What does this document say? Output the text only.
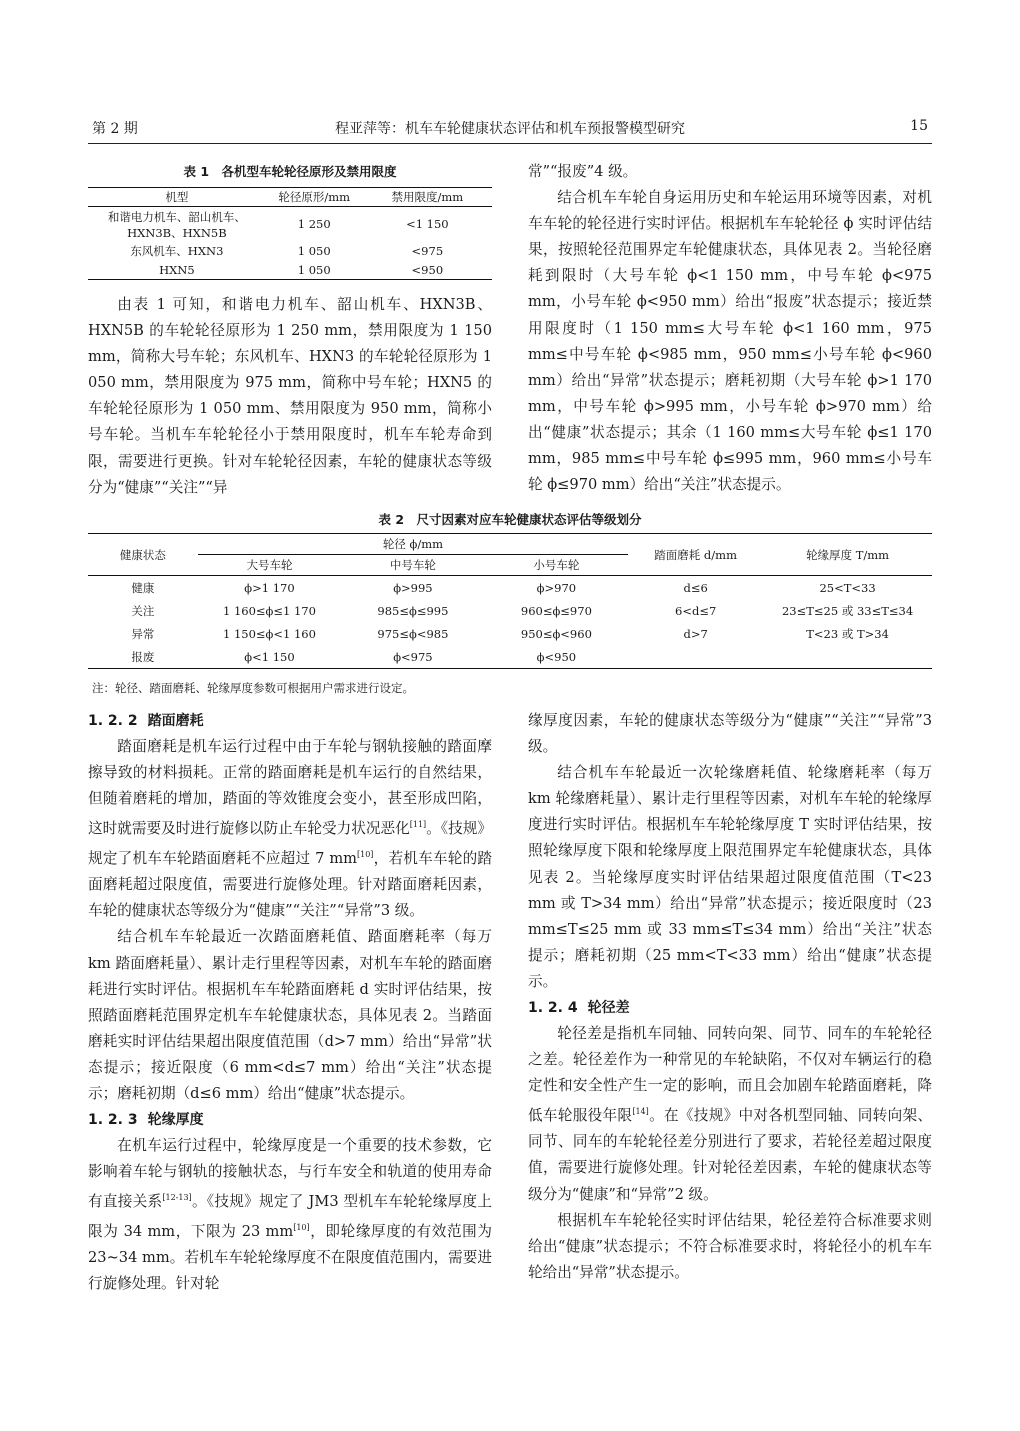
第 2 期	程亚萍等：机车车轮健康状态评估和机车预报警模型研究	15
表 1　各机型车轮轮径原形及禁用限度
机型	轮径原形/mm	禁用限度/mm

和谐电力机车、韶山机车、
HXN3B、HXN5B	1 250	<1 150
东风机车、HXN3	1 050	<975
HXN5	1 050	<950

由表 1 可知，和谐电力机车、韶山机车、HXN3B、HXN5B 的车轮轮径原形为 1 250 mm，禁用限度为 1 150 mm，简称大号车轮；东风机车、HXN3 的车轮轮径原形为 1 050 mm，禁用限度为 975 mm，简称中号车轮；HXN5 的车轮轮径原形为 1 050 mm、禁用限度为 950 mm，简称小号车轮。当机车车轮轮径小于禁用限度时，机车车轮寿命到限，需要进行更换。针对车轮轮径因素，车轮的健康状态等级分为“健康”“关注”“异

常”“报废”4 级。

结合机车车轮自身运用历史和车轮运用环境等因素，对机车车轮的轮径进行实时评估。根据机车车轮轮径 ϕ 实时评估结果，按照轮径范围界定车轮健康状态，具体见表 2。当轮径磨耗到限时（大号车轮 ϕ<1 150 mm，中号车轮 ϕ<975 mm，小号车轮 ϕ<950 mm）给出“报废”状态提示；接近禁用限度时（1 150 mm≤大号车轮 ϕ<1 160 mm，975 mm≤中号车轮 ϕ<985 mm，950 mm≤小号车轮 ϕ<960 mm）给出“异常”状态提示；磨耗初期（大号车轮 ϕ>1 170 mm，中号车轮 ϕ>995 mm，小号车轮 ϕ>970 mm）给出“健康”状态提示；其余（1 160 mm≤大号车轮 ϕ≤1 170 mm，985 mm≤中号车轮 ϕ≤995 mm，960 mm≤小号车轮 ϕ≤970 mm）给出“关注”状态提示。

表 2　尺寸因素对应车轮健康状态评估等级划分
健康状态	轮径 ϕ/mm			踏面磨耗 d/mm	轮缘厚度 T/mm
	大号车轮	中号车轮	小号车轮		
健康	ϕ>1 170	ϕ>995	ϕ>970	d≤6	25<T<33
关注	1 160≤ϕ≤1 170	985≤ϕ≤995	960≤ϕ≤970	6<d≤7	23≤T≤25 或 33≤T≤34
异常	1 150≤ϕ<1 160	975≤ϕ<985	950≤ϕ<960	d>7	T<23 或 T>34
报废	ϕ<1 150	ϕ<975	ϕ<950		
注：轮径、踏面磨耗、轮缘厚度参数可根据用户需求进行设定。

1. 2. 2 踏面磨耗

踏面磨耗是机车运行过程中由于车轮与钢轨接触的踏面摩擦导致的材料损耗。正常的踏面磨耗是机车运行的自然结果，但随着磨耗的增加，踏面的等效锥度会变小，甚至形成凹陷，这时就需要及时进行旋修以防止车轮受力状况恶化[11]。《技规》规定了机车车轮踏面磨耗不应超过 7 mm[10]，若机车车轮的踏面磨耗超过限度值，需要进行旋修处理。针对踏面磨耗因素，车轮的健康状态等级分为“健康”“关注”“异常”3 级。

结合机车车轮最近一次踏面磨耗值、踏面磨耗率（每万 km 踏面磨耗量）、累计走行里程等因素，对机车车轮的踏面磨耗进行实时评估。根据机车车轮踏面磨耗 d 实时评估结果，按照踏面磨耗范围界定机车车轮健康状态，具体见表 2。当踏面磨耗实时评估结果超出限度值范围（d>7 mm）给出“异常”状态提示；接近限度（6 mm<d≤7 mm）给出“关注”状态提示；磨耗初期（d≤6 mm）给出“健康”状态提示。

1. 2. 3 轮缘厚度

在机车运行过程中，轮缘厚度是一个重要的技术参数，它影响着车轮与钢轨的接触状态，与行车安全和轨道的使用寿命有直接关系[12-13]。《技规》规定了 JM3 型机车车轮轮缘厚度上限为 34 mm，下限为 23 mm[10]，即轮缘厚度的有效范围为 23~34 mm。若机车车轮轮缘厚度不在限度值范围内，需要进行旋修处理。针对轮

缘厚度因素，车轮的健康状态等级分为“健康”“关注”“异常”3 级。

结合机车车轮最近一次轮缘磨耗值、轮缘磨耗率（每万 km 轮缘磨耗量）、累计走行里程等因素，对机车车轮的轮缘厚度进行实时评估。根据机车车轮轮缘厚度 T 实时评估结果，按照轮缘厚度下限和轮缘厚度上限范围界定车轮健康状态，具体见表 2。当轮缘厚度实时评估结果超过限度值范围（T<23 mm 或 T>34 mm）给出“异常”状态提示；接近限度时（23 mm≤T≤25 mm 或 33 mm≤T≤34 mm）给出“关注”状态提示；磨耗初期（25 mm<T<33 mm）给出“健康”状态提示。

1. 2. 4 轮径差

轮径差是指机车同轴、同转向架、同节、同车的车轮轮径之差。轮径差作为一种常见的车轮缺陷，不仅对车辆运行的稳定性和安全性产生一定的影响，而且会加剧车轮踏面磨耗，降低车轮服役年限[14]。在《技规》中对各机型同轴、同转向架、同节、同车的车轮轮径差分别进行了要求，若轮径差超过限度值，需要进行旋修处理。针对轮径差因素，车轮的健康状态等级分为“健康”和“异常”2 级。

根据机车车轮轮径实时评估结果，轮径差符合标准要求则给出“健康”状态提示；不符合标准要求时，将轮径小的机车车轮给出“异常”状态提示。
